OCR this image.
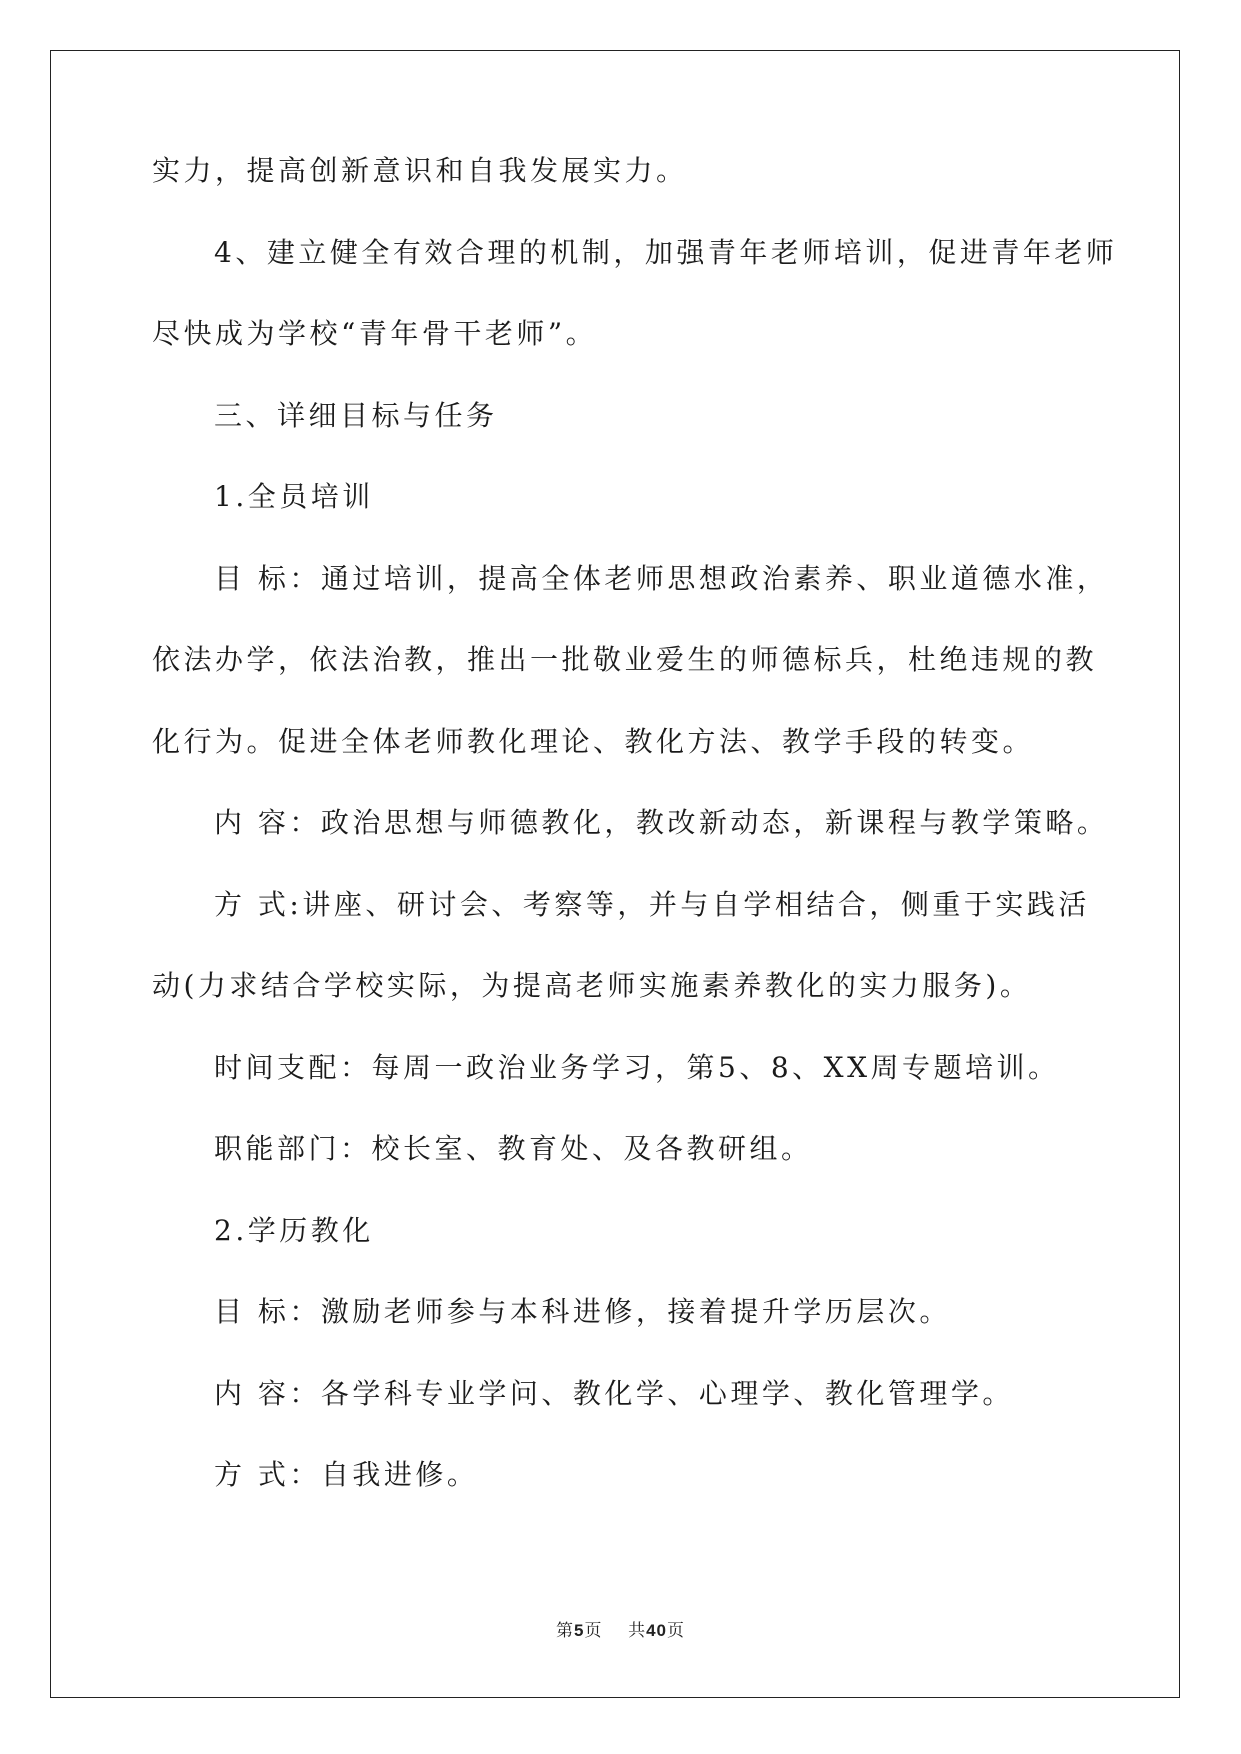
实力，提高创新意识和自我发展实力。
4、建立健全有效合理的机制，加强青年老师培训，促进青年老师
尽快成为学校“青年骨干老师”。
三、详细目标与任务
1.全员培训
目 标：通过培训，提高全体老师思想政治素养、职业道德水准，
依法办学，依法治教，推出一批敬业爱生的师德标兵，杜绝违规的教
化行为。促进全体老师教化理论、教化方法、教学手段的转变。
内 容：政治思想与师德教化，教改新动态，新课程与教学策略。
方 式:讲座、研讨会、考察等，并与自学相结合，侧重于实践活
动(力求结合学校实际，为提高老师实施素养教化的实力服务)。
时间支配：每周一政治业务学习，第5、8、XX周专题培训。
职能部门：校长室、教育处、及各教研组。
2.学历教化
目 标：激励老师参与本科进修，接着提升学历层次。
内 容：各学科专业学问、教化学、心理学、教化管理学。
方 式：自我进修。
第5页 共40页
